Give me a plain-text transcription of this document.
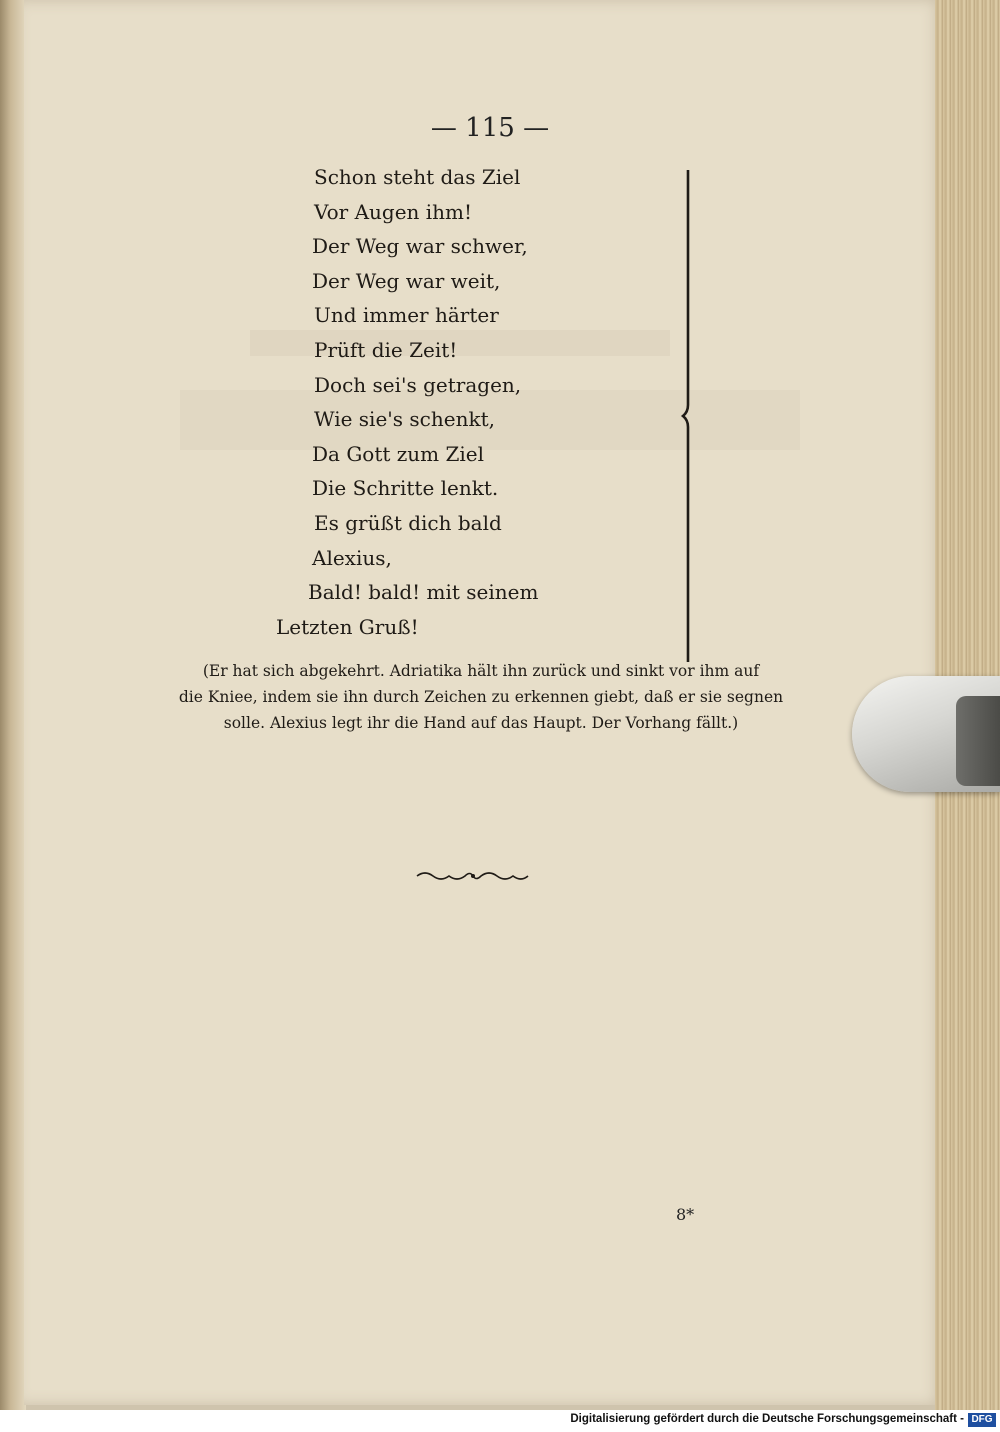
— 115 —
Schon steht das Ziel
Vor Augen ihm!
Der Weg war schwer,
Der Weg war weit,
Und immer härter
Prüft die Zeit!
Doch sei's getragen,
Wie sie's schenkt,
Da Gott zum Ziel
Die Schritte lenkt.
Es grüßt dich bald
Alexius,
Bald! bald! mit seinem
Letzten Gruß!

(Er hat sich abgekehrt. Adriatika hält ihn zurück und sinkt vor ihm auf

die Kniee, indem sie ihn durch Zeichen zu erkennen giebt, daß er sie segnen

solle. Alexius legt ihr die Hand auf das Haupt. Der Vorhang fällt.)

8*
Digitalisierung gefördert durch die Deutsche Forschungsgemeinschaft - DFG
